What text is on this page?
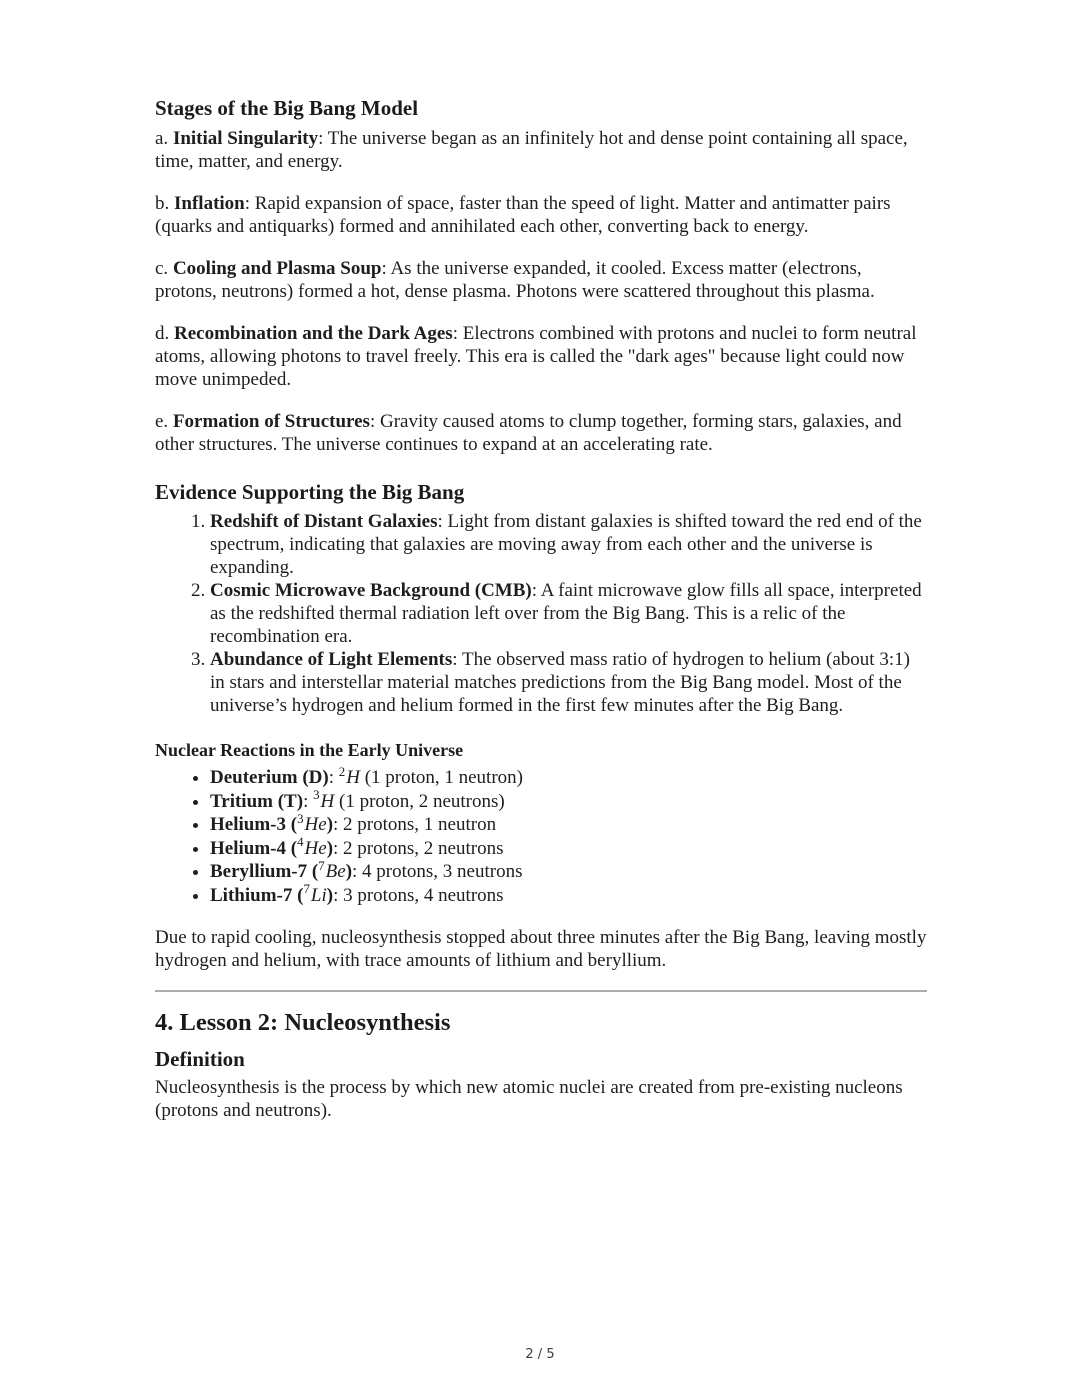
Stages of the Big Bang Model

a. Initial Singularity: The universe began as an infinitely hot and dense point containing all space, time, matter, and energy.

b. Inflation: Rapid expansion of space, faster than the speed of light. Matter and antimatter pairs (quarks and antiquarks) formed and annihilated each other, converting back to energy.

c. Cooling and Plasma Soup: As the universe expanded, it cooled. Excess matter (electrons, protons, neutrons) formed a hot, dense plasma. Photons were scattered throughout this plasma.

d. Recombination and the Dark Ages: Electrons combined with protons and nuclei to form neutral atoms, allowing photons to travel freely. This era is called the "dark ages" because light could now move unimpeded.

e. Formation of Structures: Gravity caused atoms to clump together, forming stars, galaxies, and other structures. The universe continues to expand at an accelerating rate.

Evidence Supporting the Big Bang
1. Redshift of Distant Galaxies: Light from distant galaxies is shifted toward the red end of the spectrum, indicating that galaxies are moving away from each other and the universe is expanding.
2. Cosmic Microwave Background (CMB): A faint microwave glow fills all space, interpreted as the redshifted thermal radiation left over from the Big Bang. This is a relic of the recombination era.
3. Abundance of Light Elements: The observed mass ratio of hydrogen to helium (about 3:1) in stars and interstellar material matches predictions from the Big Bang model. Most of the universe’s hydrogen and helium formed in the first few minutes after the Big Bang.
Nuclear Reactions in the Early Universe
• Deuterium (D): $^2$H (1 proton, 1 neutron)
• Tritium (T): $^3$H (1 proton, 2 neutrons)
• Helium-3 ($^3$He): 2 protons, 1 neutron
• Helium-4 ($^4$He): 2 protons, 2 neutrons
• Beryllium-7 ($^7$Be): 4 protons, 3 neutrons
• Lithium-7 ($^7$Li): 3 protons, 4 neutrons

Due to rapid cooling, nucleosynthesis stopped about three minutes after the Big Bang, leaving mostly hydrogen and helium, with trace amounts of lithium and beryllium.

4. Lesson 2: Nucleosynthesis
Definition

Nucleosynthesis is the process by which new atomic nuclei are created from pre-existing nucleons (protons and neutrons).

2 / 5
